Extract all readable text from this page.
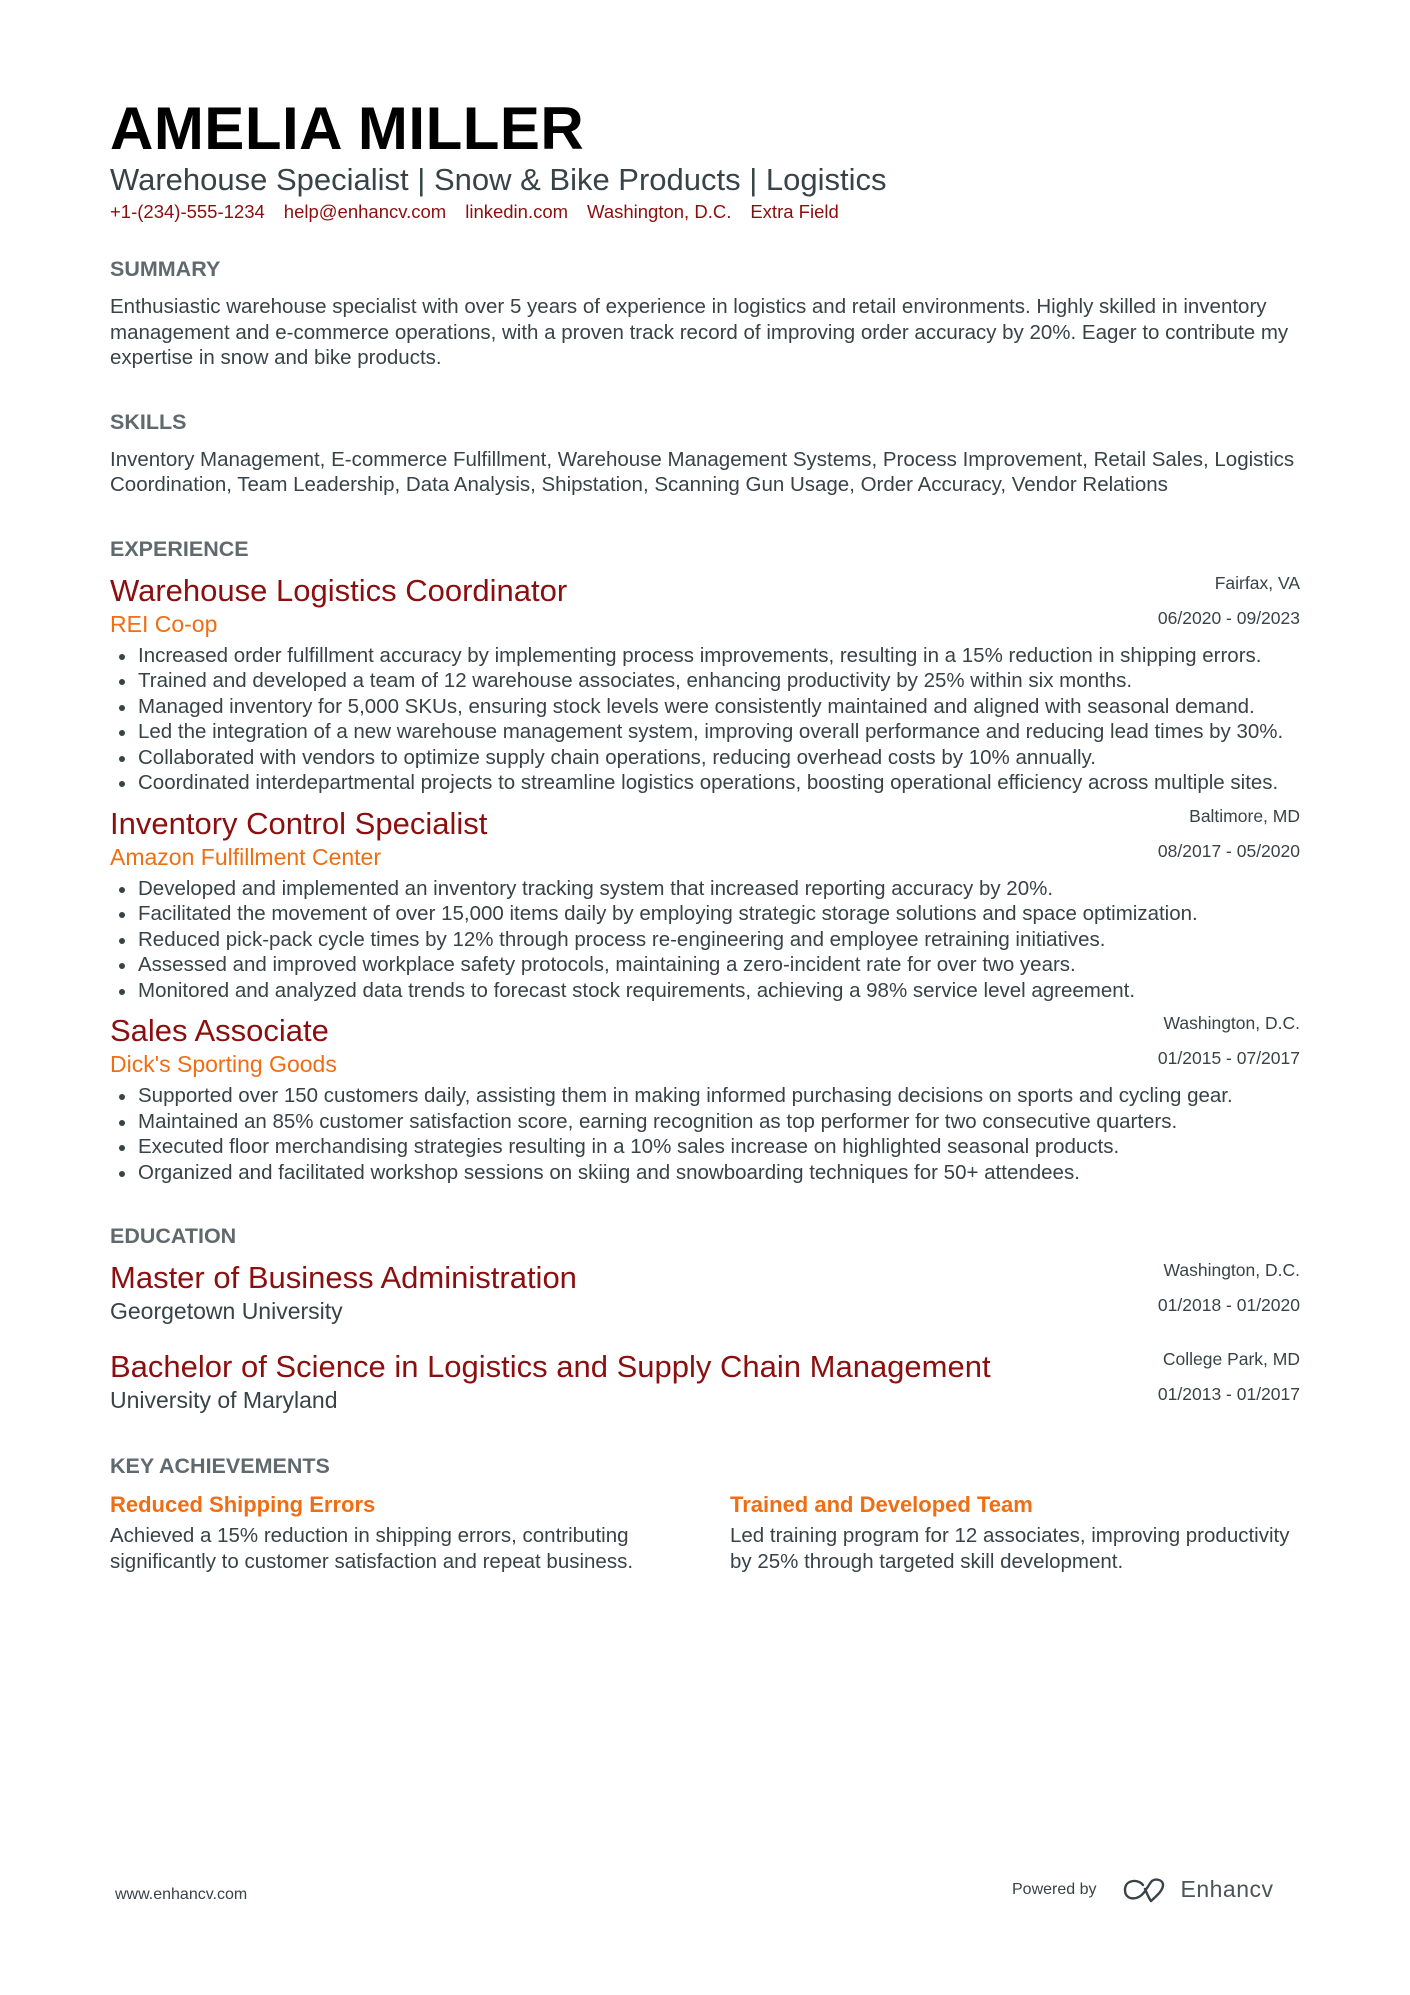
AMELIA MILLER
Warehouse Specialist | Snow & Bike Products | Logistics
+1-(234)-555-1234 help@enhancv.com linkedin.com Washington, D.C. Extra Field
SUMMARY
Enthusiastic warehouse specialist with over 5 years of experience in logistics and retail environments. Highly skilled in inventory management and e-commerce operations, with a proven track record of improving order accuracy by 20%. Eager to contribute my expertise in snow and bike products.
SKILLS
Inventory Management, E-commerce Fulfillment, Warehouse Management Systems, Process Improvement, Retail Sales, Logistics Coordination, Team Leadership, Data Analysis, Shipstation, Scanning Gun Usage, Order Accuracy, Vendor Relations
EXPERIENCE
Fairfax, VA
06/2020 - 09/2023
Warehouse Logistics Coordinator
REI Co-op
Increased order fulfillment accuracy by implementing process improvements, resulting in a 15% reduction in shipping errors.
Trained and developed a team of 12 warehouse associates, enhancing productivity by 25% within six months.
Managed inventory for 5,000 SKUs, ensuring stock levels were consistently maintained and aligned with seasonal demand.
Led the integration of a new warehouse management system, improving overall performance and reducing lead times by 30%.
Collaborated with vendors to optimize supply chain operations, reducing overhead costs by 10% annually.
Coordinated interdepartmental projects to streamline logistics operations, boosting operational efficiency across multiple sites.
Baltimore, MD
08/2017 - 05/2020
Inventory Control Specialist
Amazon Fulfillment Center
Developed and implemented an inventory tracking system that increased reporting accuracy by 20%.
Facilitated the movement of over 15,000 items daily by employing strategic storage solutions and space optimization.
Reduced pick-pack cycle times by 12% through process re-engineering and employee retraining initiatives.
Assessed and improved workplace safety protocols, maintaining a zero-incident rate for over two years.
Monitored and analyzed data trends to forecast stock requirements, achieving a 98% service level agreement.
Washington, D.C.
01/2015 - 07/2017
Sales Associate
Dick's Sporting Goods
Supported over 150 customers daily, assisting them in making informed purchasing decisions on sports and cycling gear.
Maintained an 85% customer satisfaction score, earning recognition as top performer for two consecutive quarters.
Executed floor merchandising strategies resulting in a 10% sales increase on highlighted seasonal products.
Organized and facilitated workshop sessions on skiing and snowboarding techniques for 50+ attendees.
EDUCATION
Washington, D.C.
01/2018 - 01/2020
Master of Business Administration
Georgetown University
College Park, MD
01/2013 - 01/2017
Bachelor of Science in Logistics and Supply Chain Management
University of Maryland
KEY ACHIEVEMENTS
Reduced Shipping Errors
Achieved a 15% reduction in shipping errors, contributing significantly to customer satisfaction and repeat business.
Trained and Developed Team
Led training program for 12 associates, improving productivity by 25% through targeted skill development.
www.enhancv.com	Powered by	Enhancv
